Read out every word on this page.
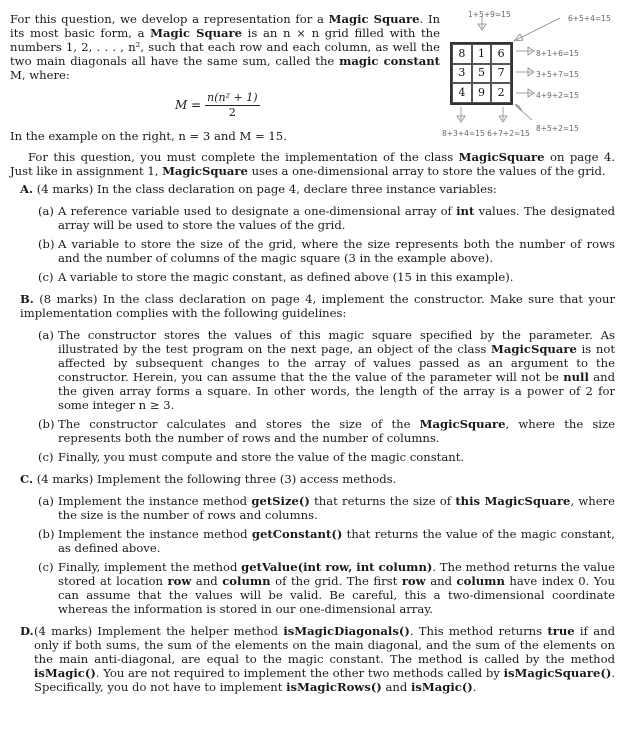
For this question, we develop a representation for a Magic Square. In its most basic form, a Magic Square is an n × n grid filled with the numbers 1, 2, . . . , n², such that each row and each column, as well the two main diagonals all have the same sum, called the magic constant M, where:
$M = \frac{\text{n(n² + 1)}}{2}$
In the example on the right, n = 3 and M = 15.
1+5+9=15	6+5+4=15
8	1	6
3	5	7
4	9	2
8+1+6=15
3+5+7=15
4+9+2=15
8+5+2=15
8+3+4=15 6+7+2=15
For this question, you must complete the implementation of the class MagicSquare on page 4. Just like in assignment 1, MagicSquare uses a one-dimensional array to store the values of the grid.
A. (4 marks) In the class declaration on page 4, declare three instance variables:
(a) A reference variable used to designate a one-dimensional array of int values. The designated array will be used to store the values of the grid.
(b) A variable to store the size of the grid, where the size represents both the number of rows and the number of columns of the magic square (3 in the example above).
(c) A variable to store the magic constant, as defined above (15 in this example).
B. (8 marks) In the class declaration on page 4, implement the constructor. Make sure that your implementation complies with the following guidelines:
(a) The constructor stores the values of this magic square specified by the parameter. As illustrated by the test program on the next page, an object of the class MagicSquare is not affected by subsequent changes to the array of values passed as an argument to the constructor. Herein, you can assume that the the value of the parameter will not be null and the given array forms a square. In other words, the length of the array is a power of 2 for some integer n ≥ 3.
(b) The constructor calculates and stores the size of the MagicSquare, where the size represents both the number of rows and the number of columns.
(c) Finally, you must compute and store the value of the magic constant.
C. (4 marks) Implement the following three (3) access methods.
(a) Implement the instance method getSize() that returns the size of this MagicSquare, where the size is the number of rows and columns.
(b) Implement the instance method getConstant() that returns the value of the magic constant, as defined above.
(c) Finally, implement the method getValue(int row, int column). The method returns the value stored at location row and column of the grid. The first row and column have index 0. You can assume that the values will be valid. Be careful, this a two-dimensional coordinate whereas the information is stored in our one-dimensional array.
D. (4 marks) Implement the helper method isMagicDiagonals(). This method returns true if and only if both sums, the sum of the elements on the main diagonal, and the sum of the elements on the main anti-diagonal, are equal to the magic constant. The method is called by the method isMagic(). You are not required to implement the other two methods called by isMagicSquare(). Specifically, you do not have to implement isMagicRows() and isMagic().
